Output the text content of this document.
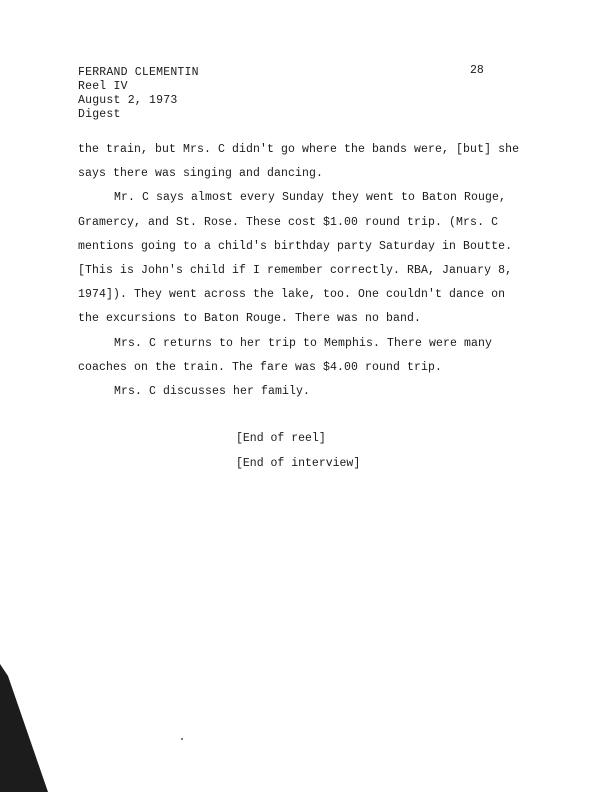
FERRAND CLEMENTIN
Reel IV
August 2, 1973
Digest
28

the train, but Mrs. C didn't go where the bands were, [but] she

says there was singing and dancing.

Mr. C says almost every Sunday they went to Baton Rouge,

Gramercy, and St. Rose. These cost $1.00 round trip. (Mrs. C

mentions going to a child's birthday party Saturday in Boutte.

[This is John's child if I remember correctly. RBA, January 8,

1974]). They went across the lake, too. One couldn't dance on

the excursions to Baton Rouge. There was no band.

Mrs. C returns to her trip to Memphis. There were many

coaches on the train. The fare was $4.00 round trip.

Mrs. C discusses her family.

[End of reel]
[End of interview]
